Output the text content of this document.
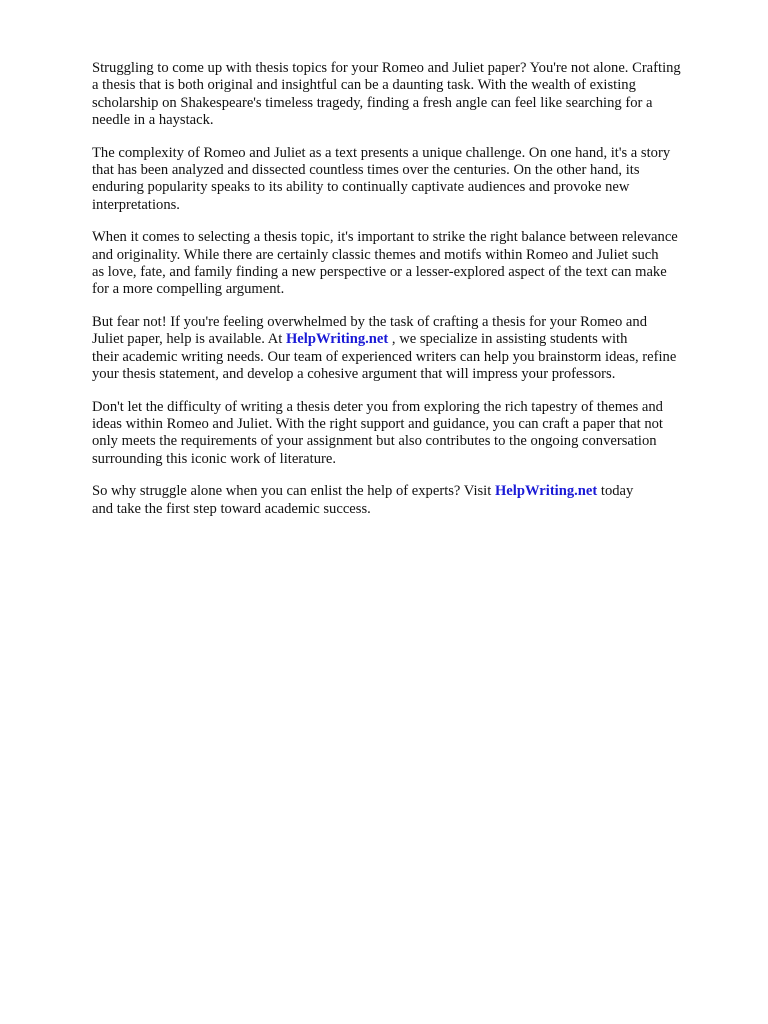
Struggling to come up with thesis topics for your Romeo and Juliet paper? You're not alone. Crafting
a thesis that is both original and insightful can be a daunting task. With the wealth of existing
scholarship on Shakespeare's timeless tragedy, finding a fresh angle can feel like searching for a
needle in a haystack.

The complexity of Romeo and Juliet as a text presents a unique challenge. On one hand, it's a story
that has been analyzed and dissected countless times over the centuries. On the other hand, its
enduring popularity speaks to its ability to continually captivate audiences and provoke new
interpretations.

When it comes to selecting a thesis topic, it's important to strike the right balance between relevance
and originality. While there are certainly classic themes and motifs within Romeo and Juliet such
as love, fate, and family finding a new perspective or a lesser-explored aspect of the text can make
for a more compelling argument.

But fear not! If you're feeling overwhelmed by the task of crafting a thesis for your Romeo and
Juliet paper, help is available. At HelpWriting.net , we specialize in assisting students with
their academic writing needs. Our team of experienced writers can help you brainstorm ideas, refine
your thesis statement, and develop a cohesive argument that will impress your professors.

Don't let the difficulty of writing a thesis deter you from exploring the rich tapestry of themes and
ideas within Romeo and Juliet. With the right support and guidance, you can craft a paper that not
only meets the requirements of your assignment but also contributes to the ongoing conversation
surrounding this iconic work of literature.

So why struggle alone when you can enlist the help of experts? Visit HelpWriting.net today
and take the first step toward academic success.
